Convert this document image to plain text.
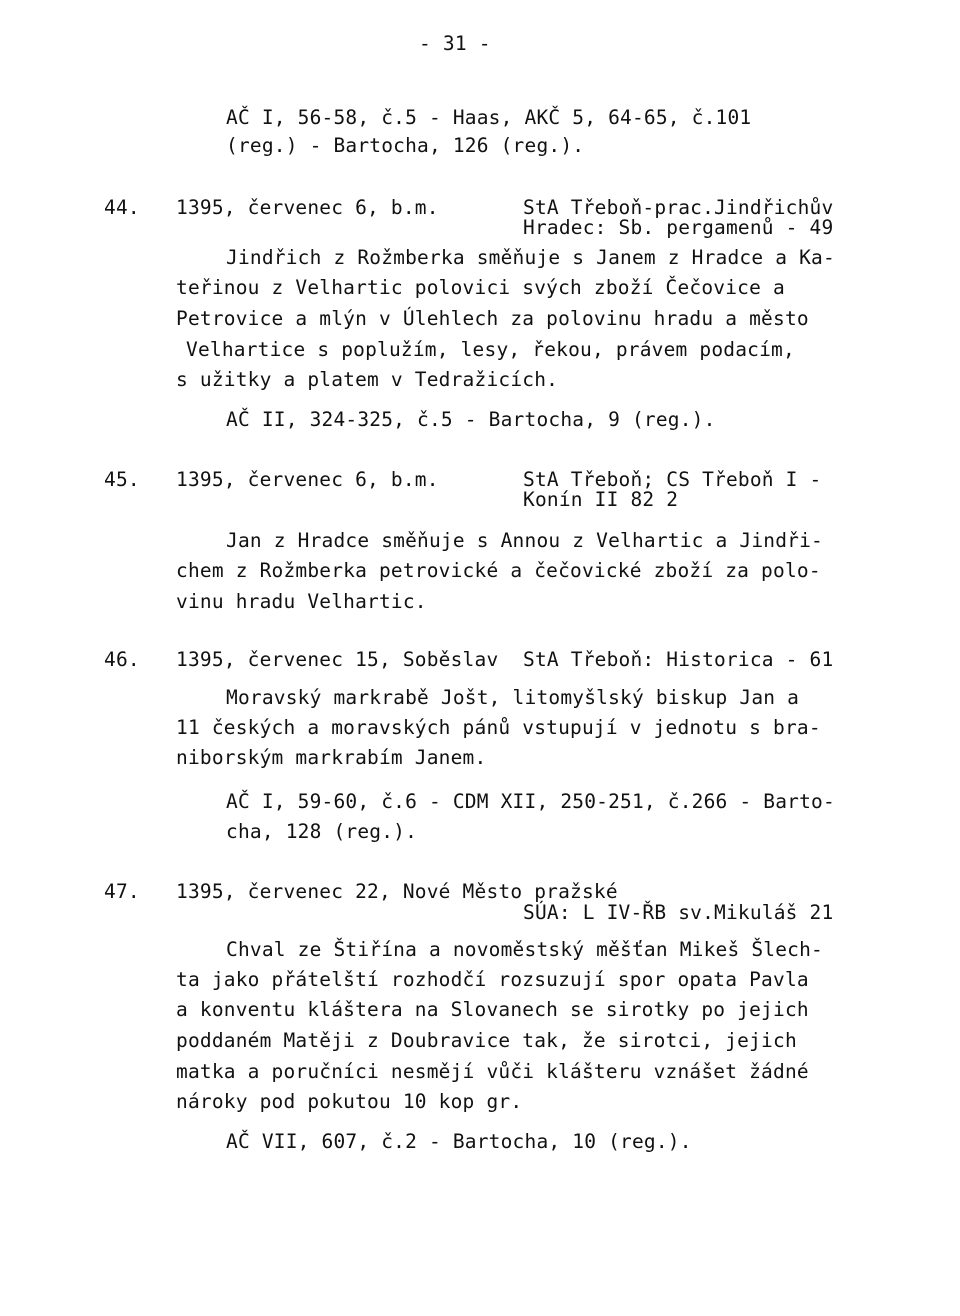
- 31 -
AČ I, 56-58, č.5 - Haas, AKČ 5, 64-65, č.101
(reg.) - Bartocha, 126 (reg.).
44. 1395, červenec 6, b.m.	StA Třeboň-prac.Jindřichův
Hradec: Sb. pergamenů - 49
Jindřich z Rožmberka směňuje s Janem z Hradce a Ka-
teřinou z Velhartic polovici svých zboží Čečovice a
Petrovice a mlýn v Úlehlech za polovinu hradu a město
Velhartice s poplužím, lesy, řekou, právem podacím,
s užitky a platem v Tedražicích.
AČ II, 324-325, č.5 - Bartocha, 9 (reg.).
45. 1395, červenec 6, b.m.	StA Třeboň; CS Třeboň I -
Konín II 82 2
Jan z Hradce směňuje s Annou z Velhartic a Jindři-
chem z Rožmberka petrovické a čečovické zboží za polo-
vinu hradu Velhartic.
46. 1395, červenec 15, Soběslav StA Třeboň: Historica - 61
Moravský markrabě Jošt, litomyšlský biskup Jan a
11 českých a moravských pánů vstupují v jednotu s bra-
niborským markrabím Janem.
AČ I, 59-60, č.6 - CDM XII, 250-251, č.266 - Barto-
cha, 128 (reg.).
47. 1395, červenec 22, Nové Město pražské
SÚA: L IV-ŘB sv.Mikuláš 21
Chval ze Štiřína a novoměstský měšťan Mikeš Šlech-
ta jako přátelští rozhodčí rozsuzují spor opata Pavla
a konventu kláštera na Slovanech se sirotky po jejich
poddaném Matěji z Doubravice tak, že sirotci, jejich
matka a poručníci nesmějí vůči klášteru vznášet žádné
nároky pod pokutou 10 kop gr.
AČ VII, 607, č.2 - Bartocha, 10 (reg.).
